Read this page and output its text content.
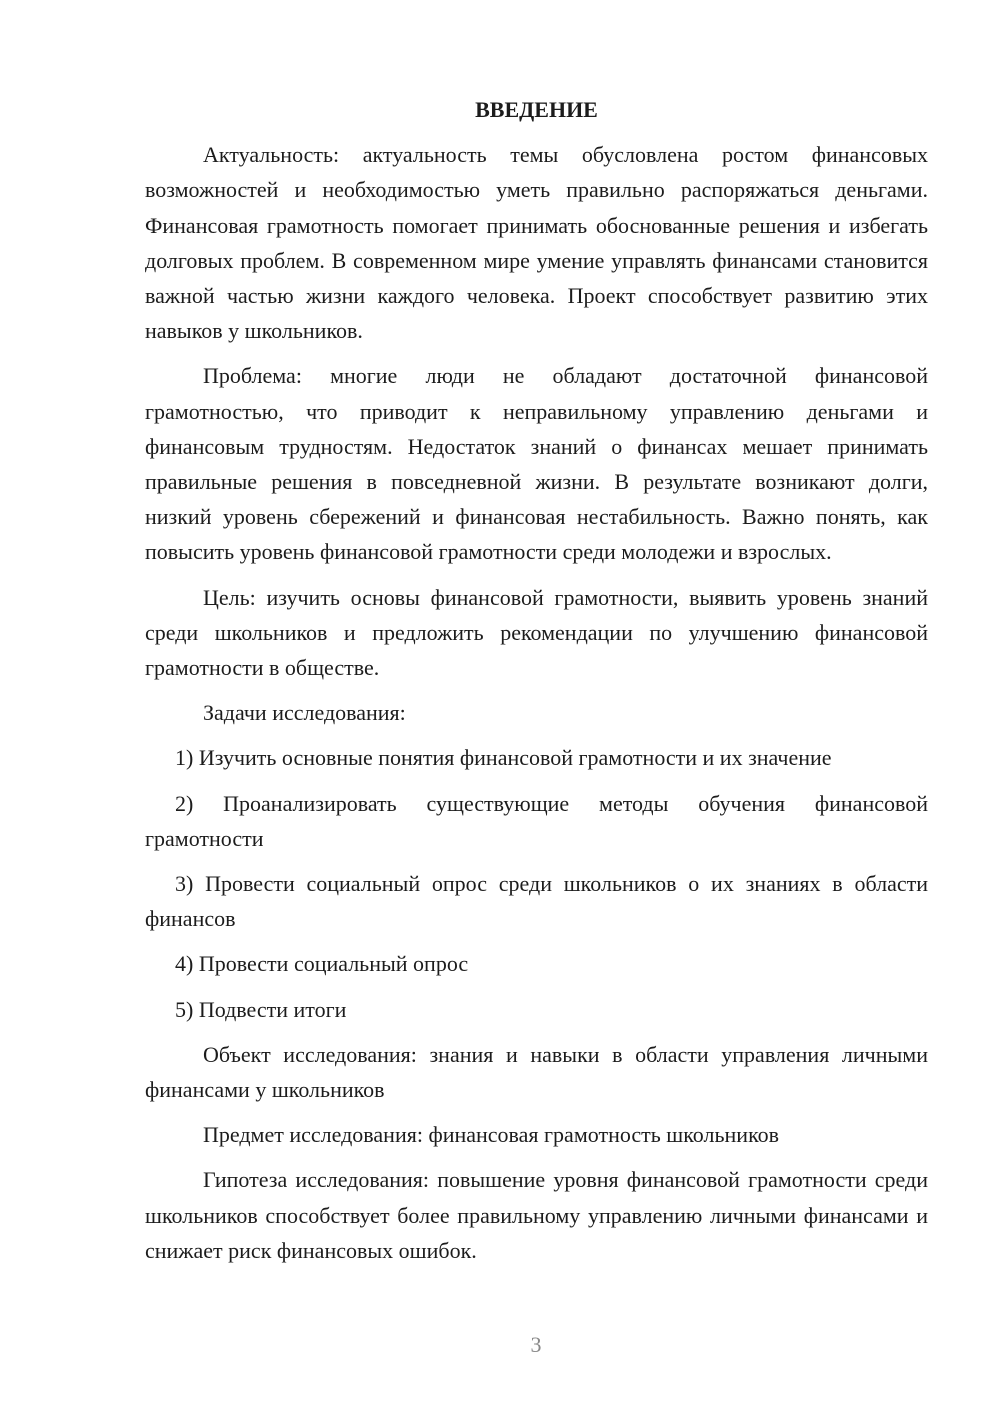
ВВЕДЕНИЕ

Актуальность: актуальность темы обусловлена ростом финансовых возможностей и необходимостью уметь правильно распоряжаться деньгами. Финансовая грамотность помогает принимать обоснованные решения и избегать долговых проблем. В современном мире умение управлять финансами становится важной частью жизни каждого человека. Проект способствует развитию этих навыков у школьников.

Проблема: многие люди не обладают достаточной финансовой грамотностью, что приводит к неправильному управлению деньгами и финансовым трудностям. Недостаток знаний о финансах мешает принимать правильные решения в повседневной жизни. В результате возникают долги, низкий уровень сбережений и финансовая нестабильность. Важно понять, как повысить уровень финансовой грамотности среди молодежи и взрослых.

Цель: изучить основы финансовой грамотности, выявить уровень знаний среди школьников и предложить рекомендации по улучшению финансовой грамотности в обществе.

Задачи исследования:

1) Изучить основные понятия финансовой грамотности и их значение

2) Проанализировать существующие методы обучения финансовой грамотности

3) Провести социальный опрос среди школьников о их знаниях в области финансов

4) Провести социальный опрос

5) Подвести итоги

Объект исследования: знания и навыки в области управления личными финансами у школьников

Предмет исследования: финансовая грамотность школьников

Гипотеза исследования: повышение уровня финансовой грамотности среди школьников способствует более правильному управлению личными финансами и снижает риск финансовых ошибок.

3
